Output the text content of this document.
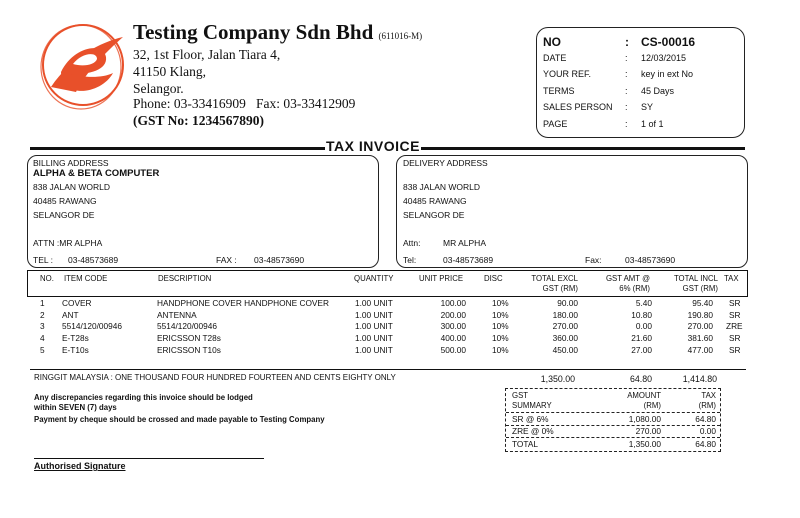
Testing Company Sdn Bhd (611016-M)
32, 1st Floor, Jalan Tiara 4,
41150 Klang,
Selangor.
Phone: 03-33416909   Fax: 03-33412909
(GST No: 1234567890)
NO	: CS-00016
DATE	: 12/03/2015
YOUR REF.	: key in ext No
TERMS	: 45 Days
SALES PERSON : SY
PAGE	: 1 of 1
TAX INVOICE
BILLING ADDRESS
ALPHA & BETA COMPUTER
838 JALAN WORLD
40485 RAWANG
SELANGOR DE
ATTN :MR ALPHA
TEL : 03-48573689	FAX : 03-48573690
DELIVERY ADDRESS
838 JALAN WORLD
40485 RAWANG
SELANGOR DE
Attn:	MR ALPHA
Tel:	03-48573689	Fax:	03-48573690
NO. ITEM CODE	DESCRIPTION	QUANTITY	UNIT PRICE	DISC	TOTAL EXCL
GST (RM)
GST AMT @
6% (RM)
TOTAL INCL
GST (RM)
TAX
1 COVER	HANDPHONE COVER HANDPHONE COVER	1.00 UNIT	100.00	10%	90.00	5.40	95.40 SR
2 ANT	ANTENNA	1.00 UNIT	200.00	10%	180.00	10.80	190.80 SR
3 5514/120/00946	5514/120/00946	1.00 UNIT	300.00	10%	270.00	0.00	270.00 ZRE
4 E-T28s	ERICSSON T28s	1.00 UNIT	400.00	10%	360.00	21.60	381.60 SR
5 E-T10s	ERICSSON T10s	1.00 UNIT	500.00	10%	450.00	27.00	477.00 SR
RINGGIT MALAYSIA : ONE THOUSAND FOUR HUNDRED FOURTEEN AND CENTS EIGHTY ONLY	1,350.00	64.80	1,414.80
Any discrepancies regarding this invoice should be lodged
within SEVEN (7) days
Payment by cheque should be crossed and made payable to Testing Company
GST
SUMMARY
AMOUNT
(RM)
TAX
(RM)
SR @ 6%	1,080.00	64.80
ZRE @ 0%	270.00	0.00
TOTAL	1,350.00	64.80
Authorised Signature
